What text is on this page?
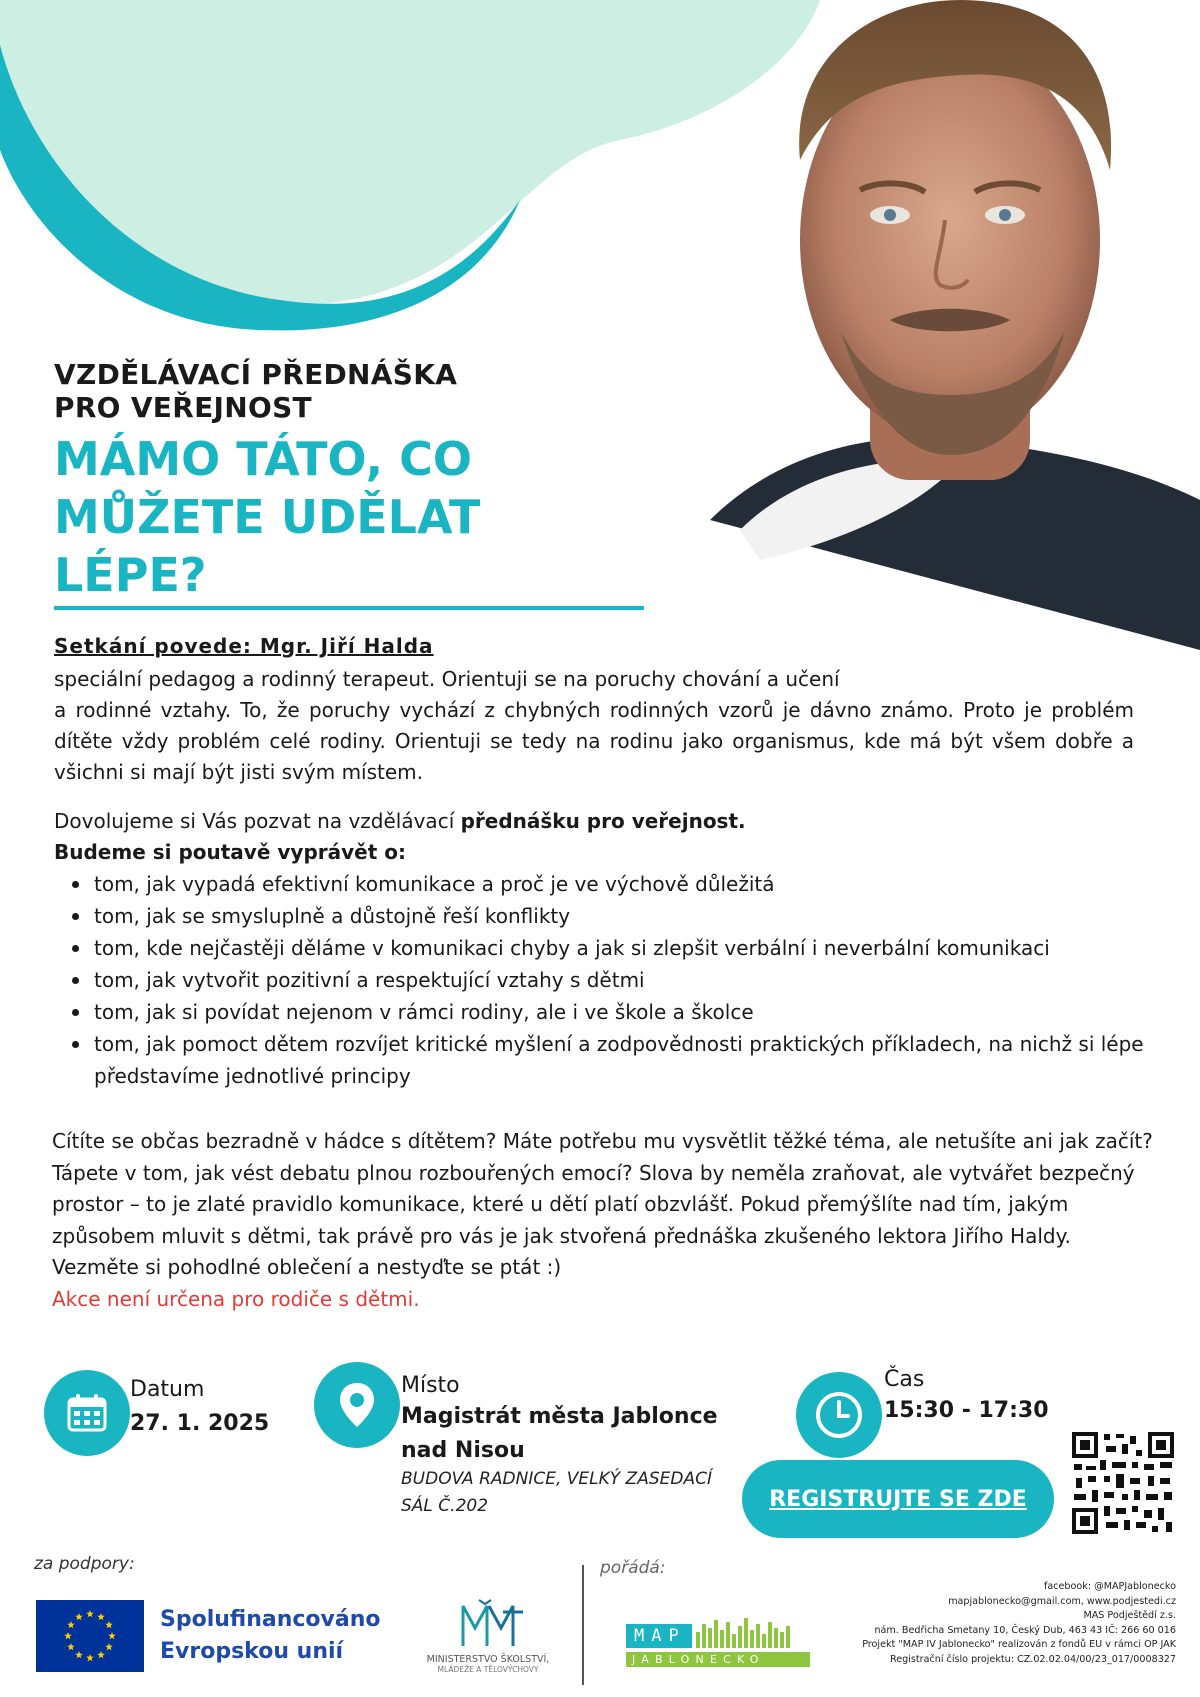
VZDĚLÁVACÍ PŘEDNÁŠKA
PRO VEŘEJNOST
MÁMO TÁTO, CO
MŮŽETE UDĚLAT
LÉPE?
Setkání povede: Mgr. Jiří Halda

speciální pedagog a rodinný terapeut. Orientuji se na poruchy chování a učení

a rodinné vztahy. To, že poruchy vychází z chybných rodinných vzorů je dávno známo. Proto je problém dítěte vždy problém celé rodiny. Orientuji se tedy na rodinu jako organismus, kde má být všem dobře a všichni si mají být jisti svým místem.

Dovolujeme si Vás pozvat na vzdělávací přednášku pro veřejnost.
Budeme si poutavě vyprávět o:
tom, jak vypadá efektivní komunikace a proč je ve výchově důležitá
tom, jak se smysluplně a důstojně řeší konflikty
tom, kde nejčastěji děláme v komunikaci chyby a jak si zlepšit verbální i neverbální komunikaci
tom, jak vytvořit pozitivní a respektující vztahy s dětmi
tom, jak si povídat nejenom v rámci rodiny, ale i ve škole a školce
tom, jak pomoct dětem rozvíjet kritické myšlení a zodpovědnosti praktických příkladech, na nichž si lépe představíme jednotlivé principy

Cítíte se občas bezradně v hádce s dítětem? Máte potřebu mu vysvětlit těžké téma, ale netušíte ani jak začít? Tápete v tom, jak vést debatu plnou rozbouřených emocí? Slova by neměla zraňovat, ale vytvářet bezpečný prostor – to je zlaté pravidlo komunikace, které u dětí platí obzvlášť. Pokud přemýšlíte nad tím, jakým způsobem mluvit s dětmi, tak právě pro vás je jak stvořená přednáška zkušeného lektora Jiřího Haldy.

Vezměte si pohodlné oblečení a nestyďte se ptát :)

Akce není určena pro rodiče s dětmi.

Datum
27. 1. 2025
Místo
Magistrát města Jablonce
nad Nisou
BUDOVA RADNICE, VELKÝ ZASEDACÍ
SÁL Č.202
Čas
15:30 - 17:30
REGISTRUJTE SE ZDE
za podpory:	pořádá:
Spolufinancováno
Evropskou unií	MINISTERSTVO ŠKOLSTVÍ,
MLÁDEŽE A TĚLOVÝCHOVY
MAP
JABLONECKO
facebook: @MAPJablonecko
mapjablonecko@gmail.com, www.podjestedi.cz
MAS Podještědí z.s.
nám. Bedřicha Smetany 10, Český Dub, 463 43 IČ: 266 60 016
Projekt "MAP IV Jablonecko" realizován z fondů EU v rámci OP JAK
Registrační číslo projektu: CZ.02.02.04/00/23_017/0008327
